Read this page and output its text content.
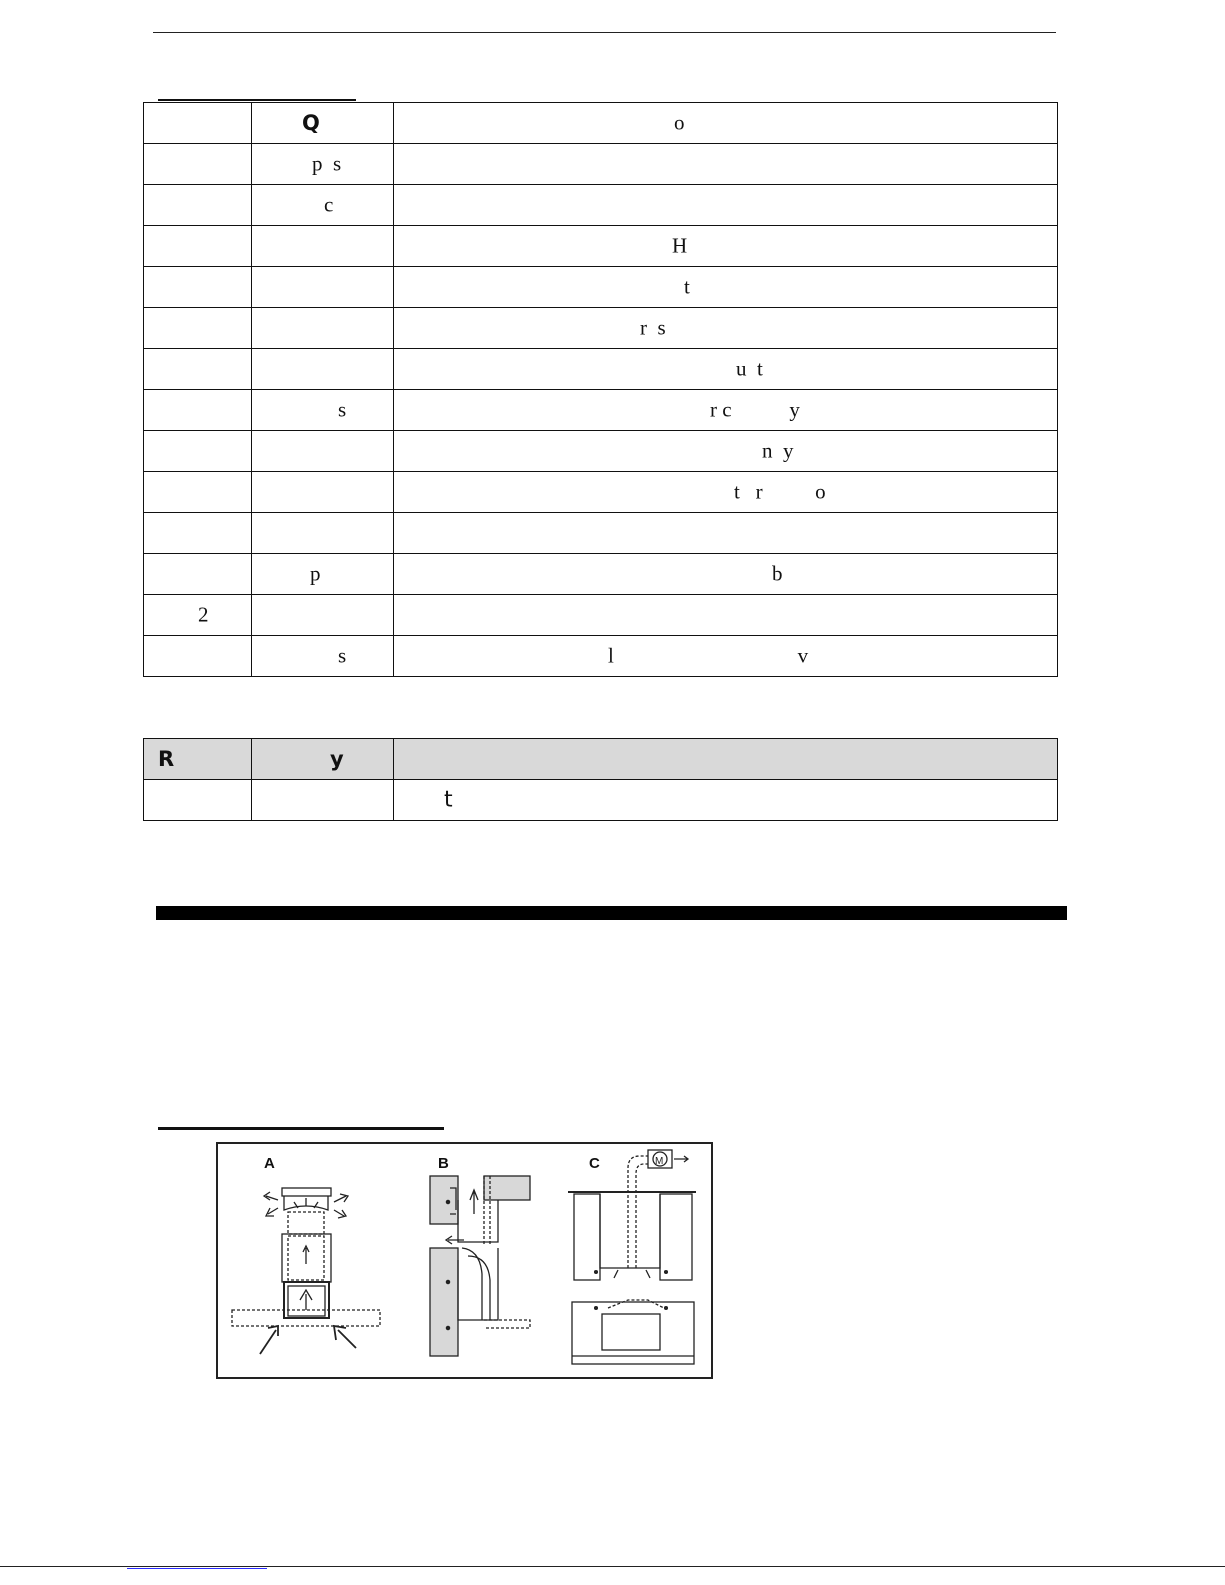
	Q	o

	p  s	

	c	

		H

		t

		r  s

		u  t

	s	r c           y

		n  y

		t   r          o

	p	b

2		

	s	l                                   v
R	y	

		t
A	B	C	M
